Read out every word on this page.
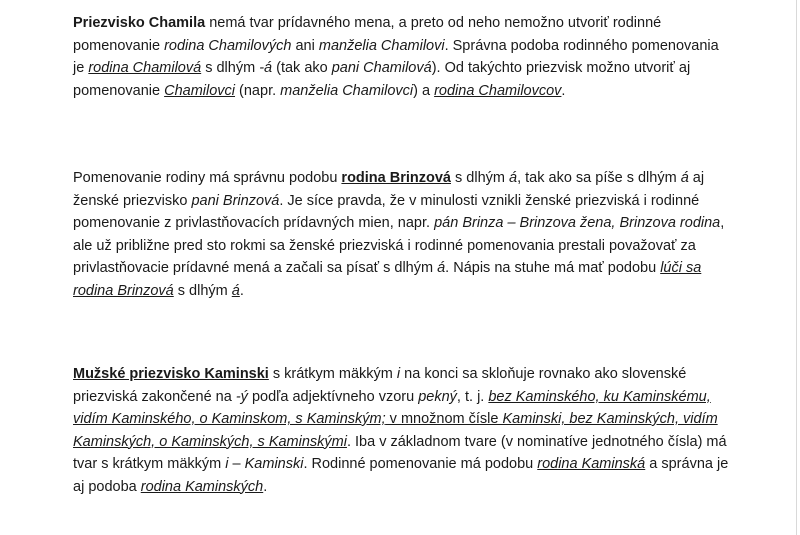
Priezvisko Chamila nemá tvar prídavného mena, a preto od neho nemožno utvoriť rodinné pomenovanie rodina Chamilových ani manželia Chamilovi. Správna podoba rodinného pomenovania je rodina Chamilová s dlhým -á (tak ako pani Chamilová). Od takýchto priezvisk možno utvoriť aj pomenovanie Chamilovci (napr. manželia Chamilovci) a rodina Chamilovcov.

Pomenovanie rodiny má správnu podobu rodina Brinzová s dlhým á, tak ako sa píše s dlhým á aj ženské priezvisko pani Brinzová. Je síce pravda, že v minulosti vznikli ženské priezviská i rodinné pomenovanie z privlastňovacích prídavných mien, napr. pán Brinza – Brinzova žena, Brinzova rodina, ale už približne pred sto rokmi sa ženské priezviská i rodinné pomenovania prestali považovať za privlastňovacie prídavné mená a začali sa písať s dlhým á. Nápis na stuhe má mať podobu lúči sa rodina Brinzová s dlhým á.

Mužské priezvisko Kaminski s krátkym mäkkým i na konci sa skloňuje rovnako ako slovenské priezviská zakončené na -ý podľa adjektívneho vzoru pekný, t. j. bez Kaminského, ku Kaminskému, vidím Kaminského, o Kaminskom, s Kaminským; v množnom čísle Kaminski, bez Kaminských, vidím Kaminských, o Kaminských, s Kaminskými. Iba v základnom tvare (v nominatíve jednotného čísla) má tvar s krátkym mäkkým i – Kaminski. Rodinné pomenovanie má podobu rodina Kaminská a správna je aj podoba rodina Kaminských.
